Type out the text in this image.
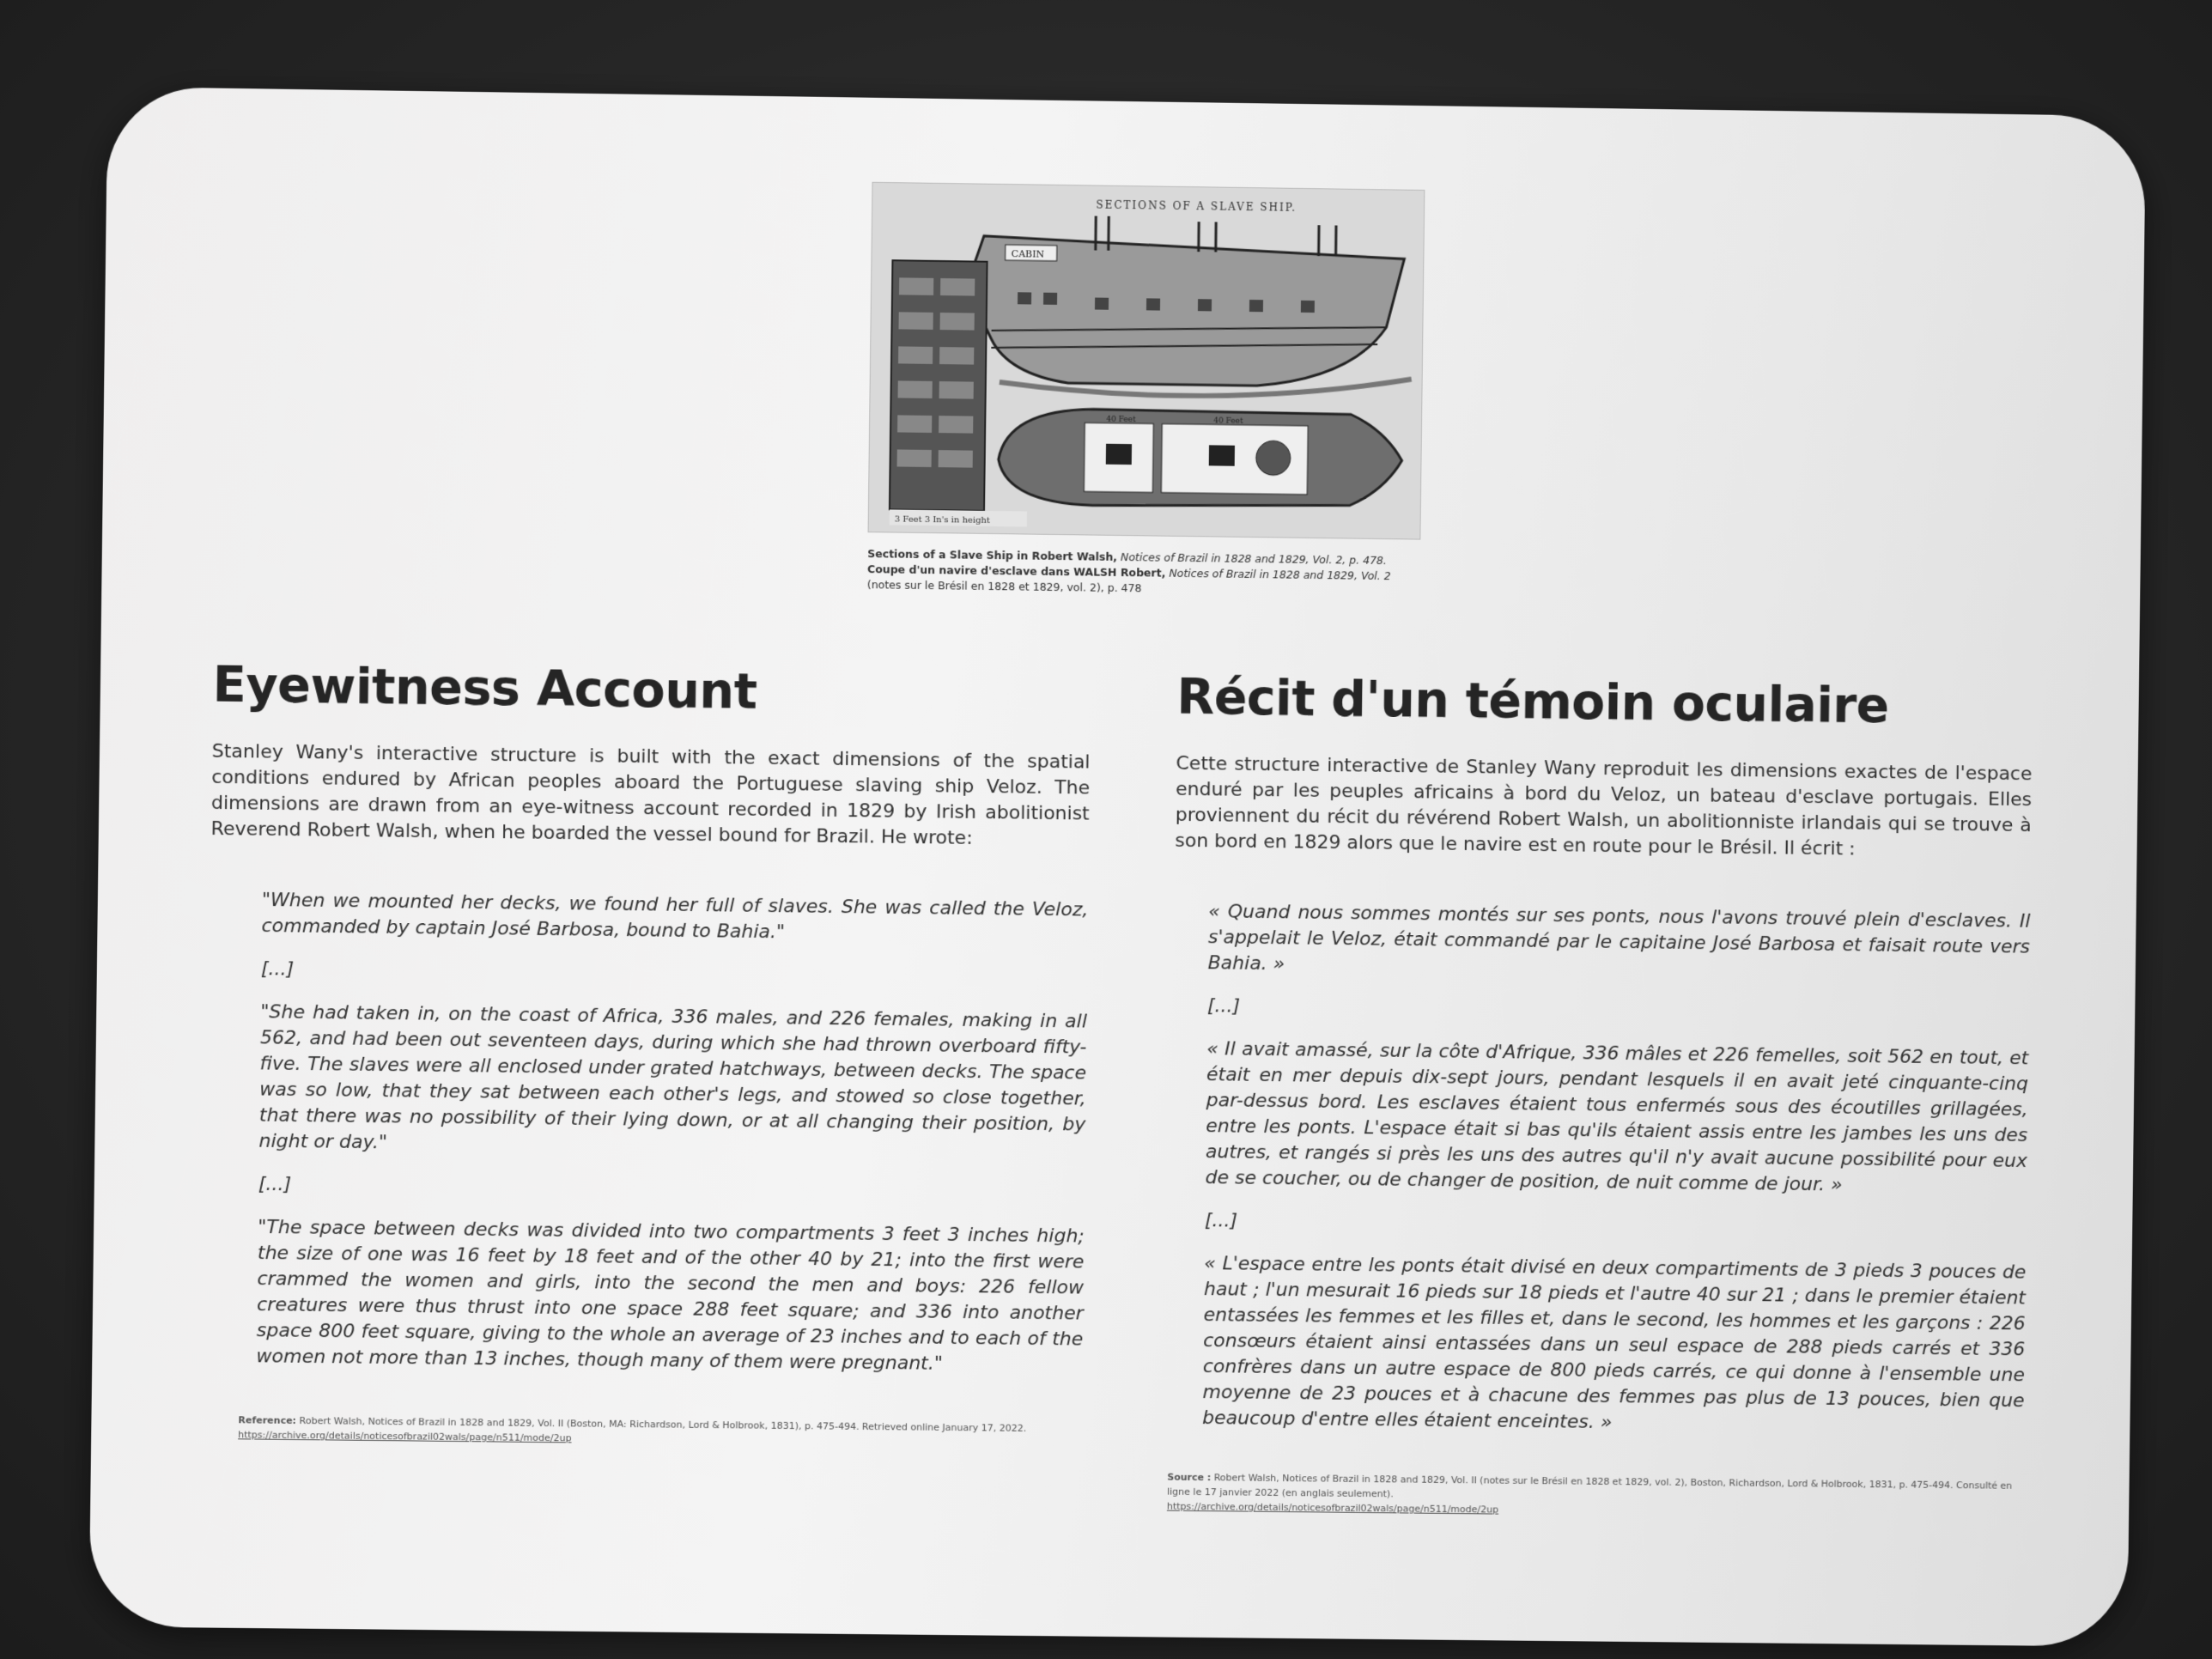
SECTIONS OF A SLAVE SHIP.
CABIN
3 Feet 3 In's in height
40 Feet	40 Feet
Sections of a Slave Ship in Robert Walsh, Notices of Brazil in 1828 and 1829, Vol. 2, p. 478.
Coupe d'un navire d'esclave dans WALSH Robert, Notices of Brazil in 1828 and 1829, Vol. 2
(notes sur le Brésil en 1828 et 1829, vol. 2), p. 478
Eyewitness Account

Stanley Wany's interactive structure is built with the exact dimensions of the spatial conditions endured by African peoples aboard the Portuguese slaving ship Veloz. The dimensions are drawn from an eye-witness account recorded in 1829 by Irish abolitionist Reverend Robert Walsh, when he boarded the vessel bound for Brazil. He wrote:

"When we mounted her decks, we found her full of slaves. She was called the Veloz, commanded by captain José Barbosa, bound to Bahia."

[...]

"She had taken in, on the coast of Africa, 336 males, and 226 females, making in all 562, and had been out seventeen days, during which she had thrown overboard fifty-five. The slaves were all enclosed under grated hatchways, between decks. The space was so low, that they sat between each other's legs, and stowed so close together, that there was no possibility of their lying down, or at all changing their position, by night or day."

[...]

"The space between decks was divided into two compartments 3 feet 3 inches high; the size of one was 16 feet by 18 feet and of the other 40 by 21; into the first were crammed the women and girls, into the second the men and boys: 226 fellow creatures were thus thrust into one space 288 feet square; and 336 into another space 800 feet square, giving to the whole an average of 23 inches and to each of the women not more than 13 inches, though many of them were pregnant."

Reference: Robert Walsh, Notices of Brazil in 1828 and 1829, Vol. II (Boston, MA: Richardson, Lord & Holbrook, 1831), p. 475-494. Retrieved online January 17, 2022. https://archive.org/details/noticesofbrazil02wals/page/n511/mode/2up
Récit d'un témoin oculaire

Cette structure interactive de Stanley Wany reproduit les dimensions exactes de l'espace enduré par les peuples africains à bord du Veloz, un bateau d'esclave portugais. Elles proviennent du récit du révérend Robert Walsh, un abolitionniste irlandais qui se trouve à son bord en 1829 alors que le navire est en route pour le Brésil. Il écrit :

« Quand nous sommes montés sur ses ponts, nous l'avons trouvé plein d'esclaves. Il s'appelait le Veloz, était commandé par le capitaine José Barbosa et faisait route vers Bahia. »

[...]

« Il avait amassé, sur la côte d'Afrique, 336 mâles et 226 femelles, soit 562 en tout, et était en mer depuis dix-sept jours, pendant lesquels il en avait jeté cinquante-cinq par-dessus bord. Les esclaves étaient tous enfermés sous des écoutilles grillagées, entre les ponts. L'espace était si bas qu'ils étaient assis entre les jambes les uns des autres, et rangés si près les uns des autres qu'il n'y avait aucune possibilité pour eux de se coucher, ou de changer de position, de nuit comme de jour. »

[...]

« L'espace entre les ponts était divisé en deux compartiments de 3 pieds 3 pouces de haut ; l'un mesurait 16 pieds sur 18 pieds et l'autre 40 sur 21 ; dans le premier étaient entassées les femmes et les filles et, dans le second, les hommes et les garçons : 226 consœurs étaient ainsi entassées dans un seul espace de 288 pieds carrés et 336 confrères dans un autre espace de 800 pieds carrés, ce qui donne à l'ensemble une moyenne de 23 pouces et à chacune des femmes pas plus de 13 pouces, bien que beaucoup d'entre elles étaient enceintes. »

Source : Robert Walsh, Notices of Brazil in 1828 and 1829, Vol. II (notes sur le Brésil en 1828 et 1829, vol. 2), Boston, Richardson, Lord & Holbrook, 1831, p. 475-494. Consulté en ligne le 17 janvier 2022 (en anglais seulement).
https://archive.org/details/noticesofbrazil02wals/page/n511/mode/2up
